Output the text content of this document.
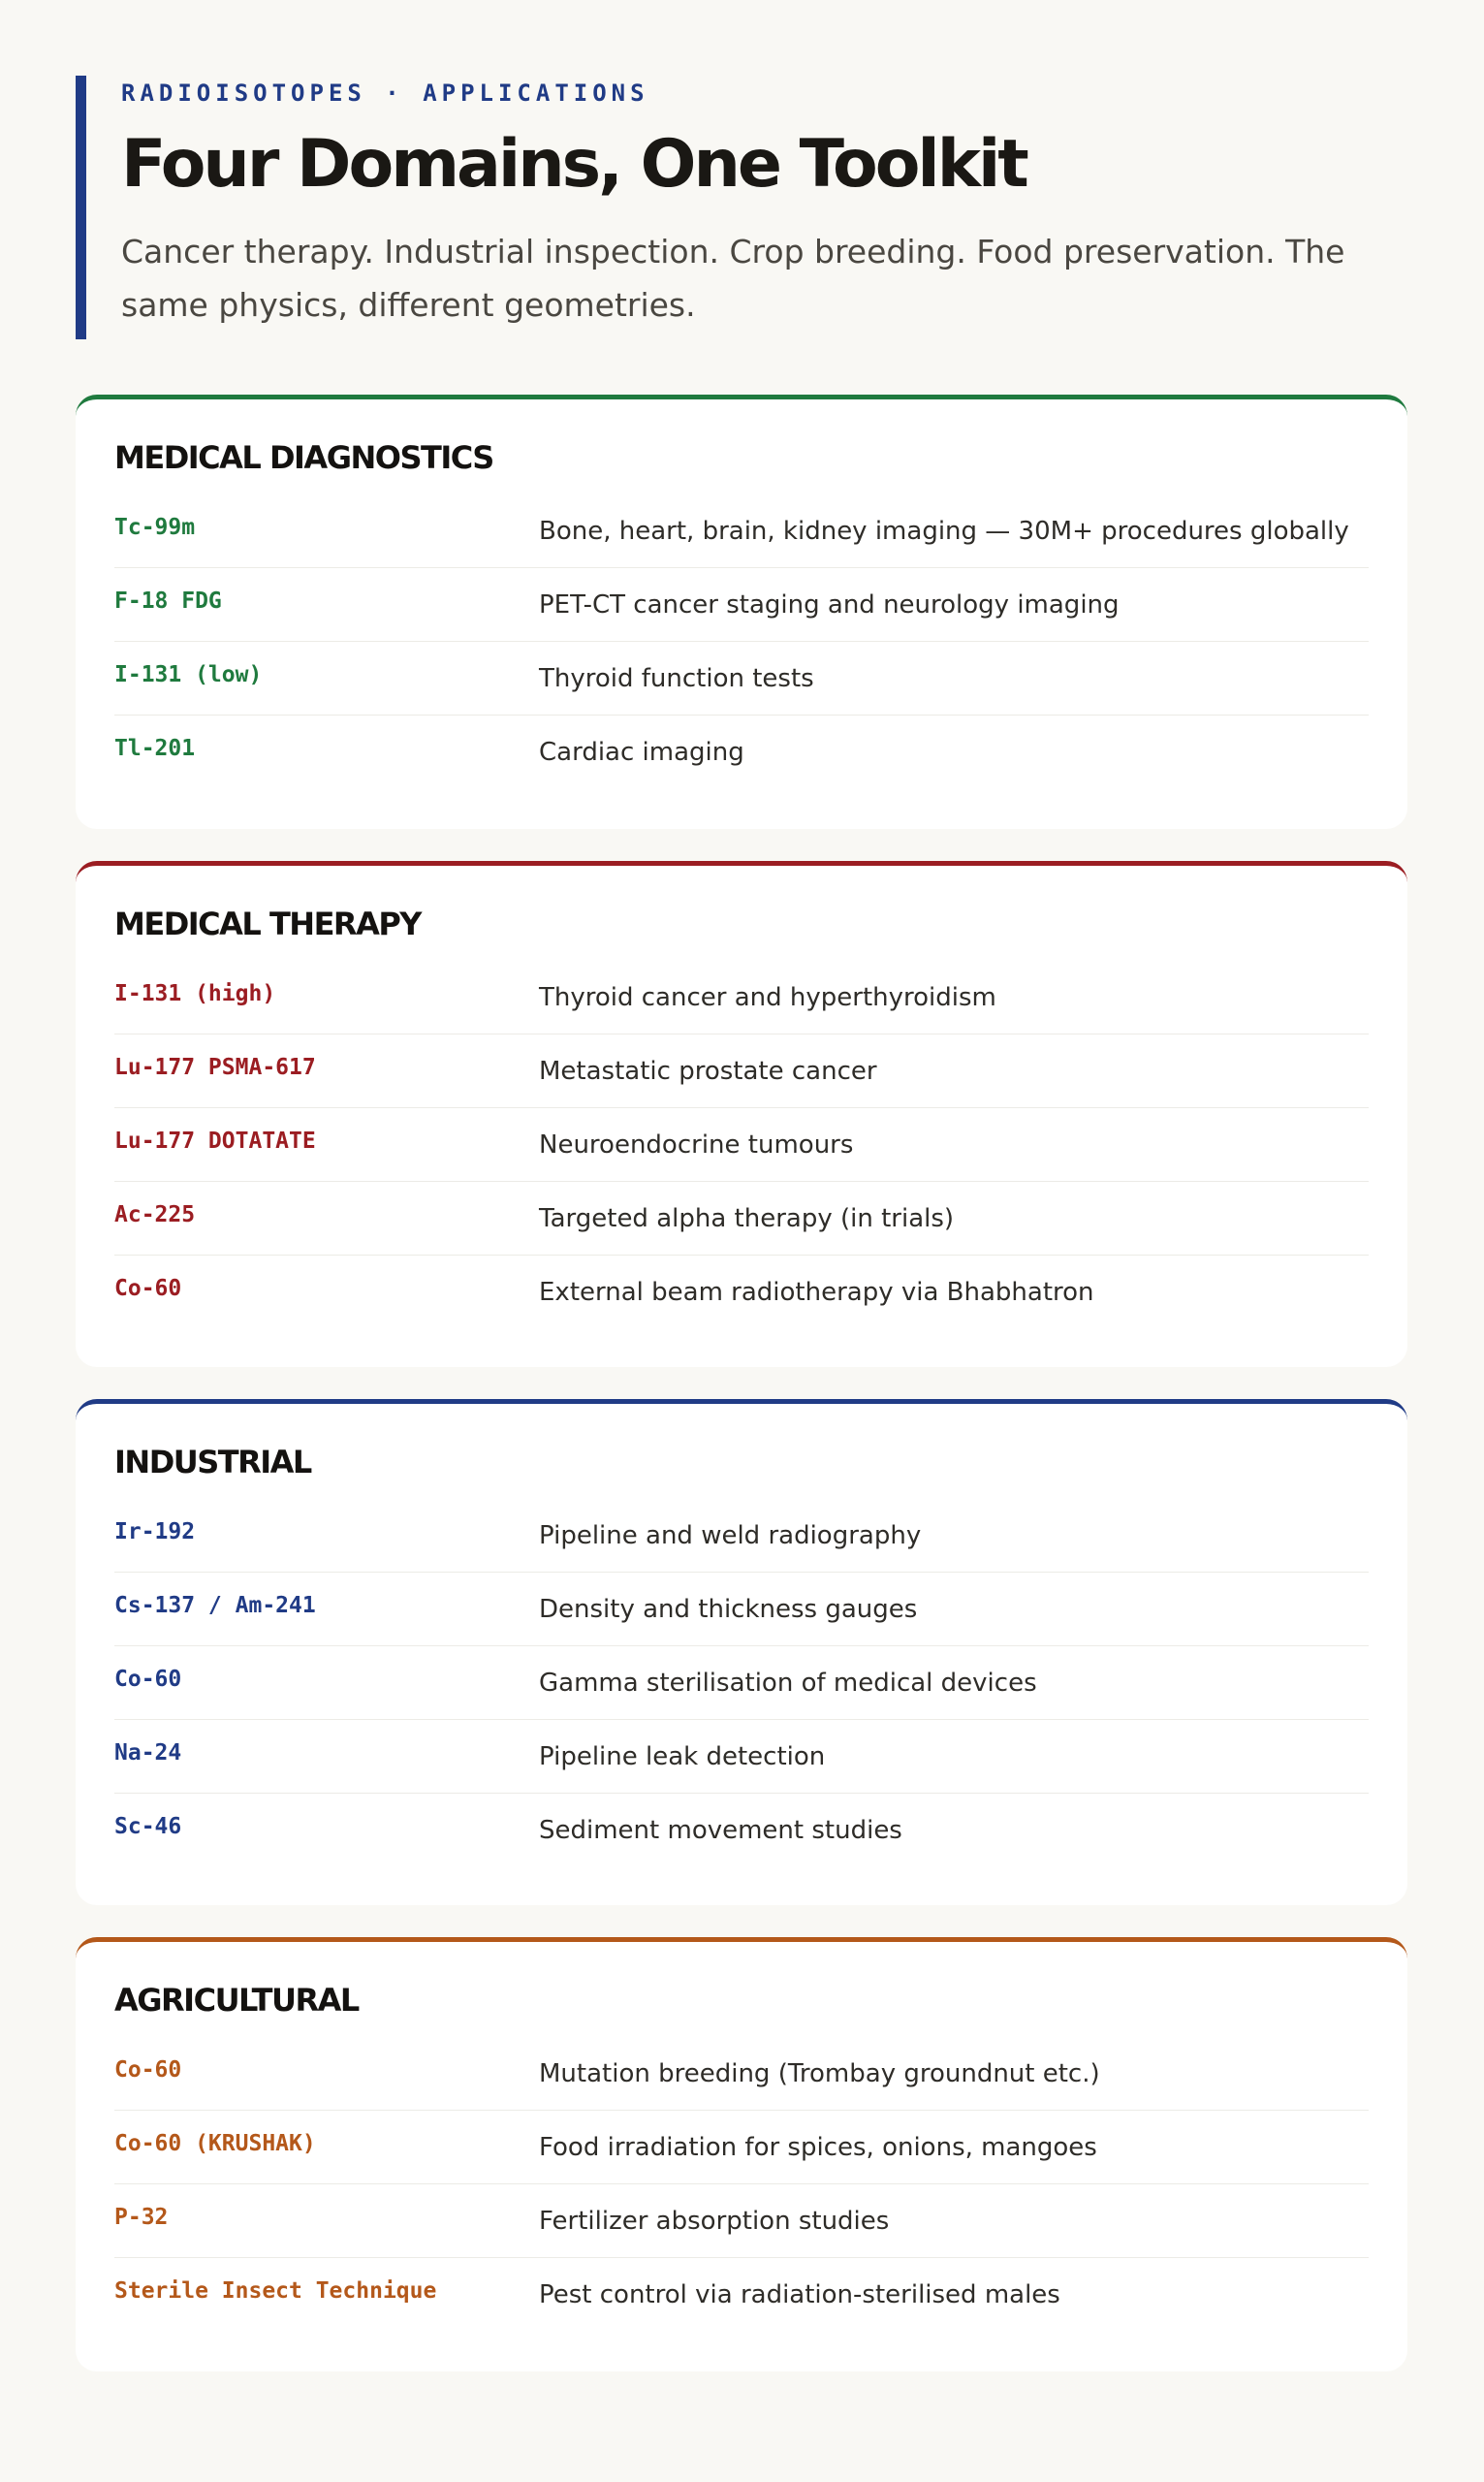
RADIOISOTOPES · APPLICATIONS
Four Domains, One Toolkit
Cancer therapy. Industrial inspection. Crop breeding. Food preservation. The same physics, different geometries.
MEDICAL DIAGNOSTICS
Tc-99m	Bone, heart, brain, kidney imaging — 30M+ procedures globally
F-18 FDG	PET-CT cancer staging and neurology imaging
I-131 (low)	Thyroid function tests
Tl-201	Cardiac imaging
MEDICAL THERAPY
I-131 (high)	Thyroid cancer and hyperthyroidism
Lu-177 PSMA-617	Metastatic prostate cancer
Lu-177 DOTATATE	Neuroendocrine tumours
Ac-225	Targeted alpha therapy (in trials)
Co-60	External beam radiotherapy via Bhabhatron
INDUSTRIAL
Ir-192	Pipeline and weld radiography
Cs-137 / Am-241	Density and thickness gauges
Co-60	Gamma sterilisation of medical devices
Na-24	Pipeline leak detection
Sc-46	Sediment movement studies
AGRICULTURAL
Co-60	Mutation breeding (Trombay groundnut etc.)
Co-60 (KRUSHAK)	Food irradiation for spices, onions, mangoes
P-32	Fertilizer absorption studies
Sterile Insect Technique	Pest control via radiation-sterilised males
